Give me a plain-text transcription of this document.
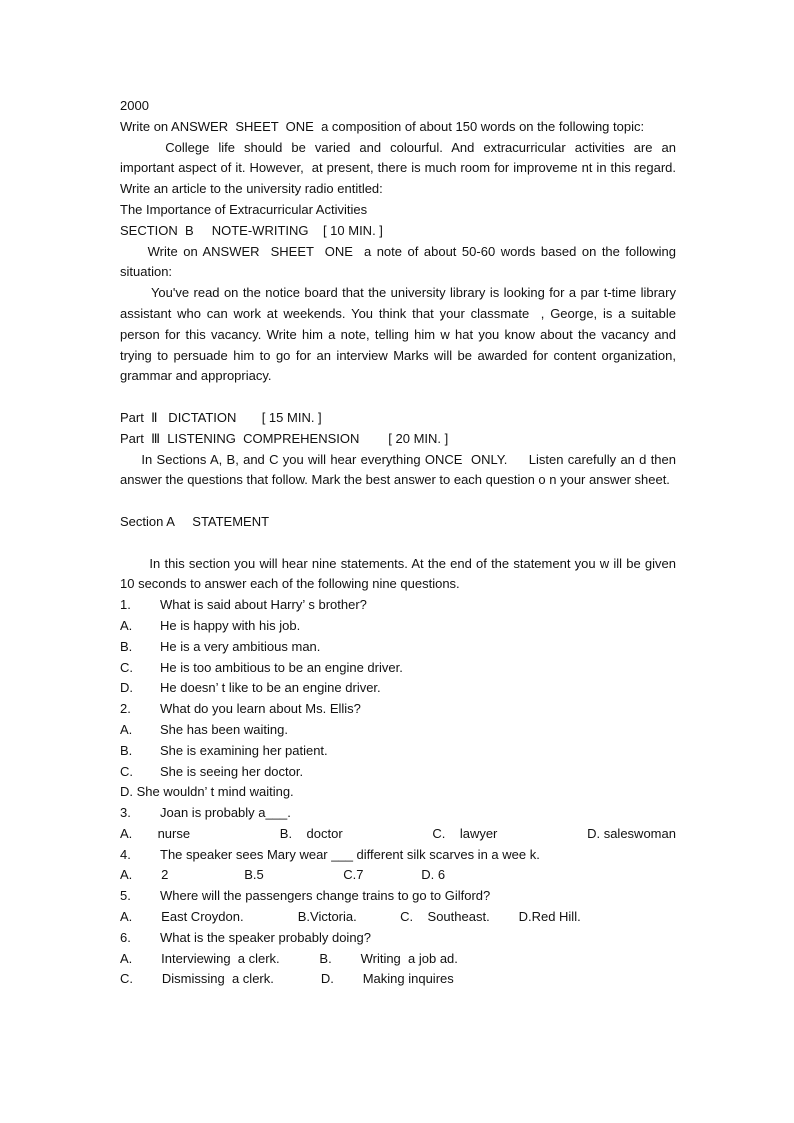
2000

Write on ANSWER  SHEET  ONE  a composition of about 150 words on the following topic:

College  life  should  be  varied  and  colourful.  And  extracurricular  activities  are  an important aspect of it. However,  at present, there is much room for improveme nt in this regard. Write an article to the university radio entitled:

The Importance of Extracurricular Activities

SECTION  B     NOTE-WRITING    [ 10 MIN. ]

Write on ANSWER  SHEET  ONE  a note of about 50-60 words based on the following situation:

You've read on the notice board that the university library is looking for a par t-time library assistant who can work at weekends. You think that your classmate  , George, is a suitable person for this vacancy. Write him a note, telling him w hat you know about the vacancy and trying to persuade him to go for an interview Marks will be awarded for content organization, grammar and appropriacy.

Part  Ⅱ   DICTATION       [ 15 MIN. ]

Part  Ⅲ  LISTENING  COMPREHENSION        [ 20 MIN. ]

In Sections A, B, and C you will hear everything ONCE  ONLY.     Listen carefully an d then answer the questions that follow. Mark the best answer to each question o n your answer sheet.

Section A     STATEMENT

In this section you will hear nine statements. At the end of the statement you w ill be given 10 seconds to answer each of the following nine questions.

1.	What is said about Harry’ s brother?
A.	He is happy with his job.
B.	He is a very ambitious man.
C.	He is too ambitious to be an engine driver.
D.	He doesn’ t like to be an engine driver.
2.	What do you learn about Ms. Ellis?
A.	She has been waiting.
B.	She is examining her patient.
C.	She is seeing her doctor.

D. She wouldn’ t mind waiting.

3.	Joan is probably a___.
A.       nurse	B.    doctor	C.    lawyer	D. saleswoman
4.	The speaker sees Mary wear ___ different silk scarves in a wee k.

A.        2                     B.5                      C.7                D. 6

5.	Where will the passengers change trains to go to Gilford?

A.        East Croydon.               B.Victoria.            C.    Southeast.        D.Red Hill.

6.	What is the speaker probably doing?

A.        Interviewing  a clerk.           B.        Writing  a job ad.

C.        Dismissing  a clerk.             D.        Making inquires
